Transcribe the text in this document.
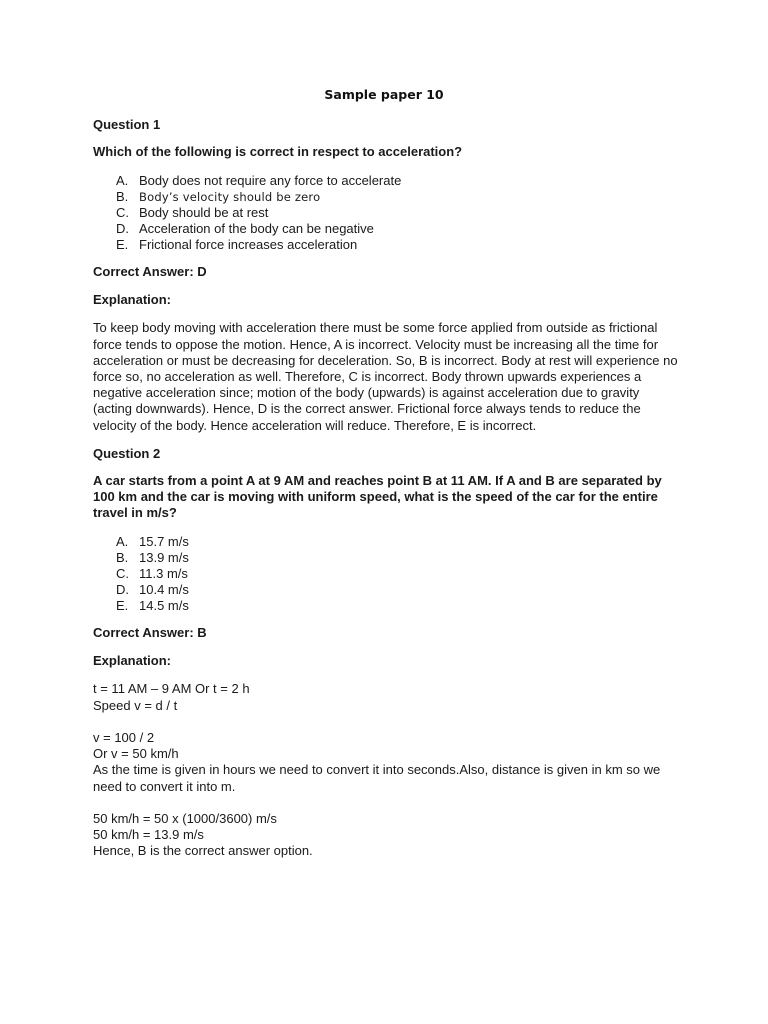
Sample paper 10

Question 1

Which of the following is correct in respect to acceleration?

A. Body does not require any force to accelerate
B. Body’s velocity should be zero
C. Body should be at rest
D. Acceleration of the body can be negative
E. Frictional force increases acceleration

Correct Answer: D

Explanation:

To keep body moving with acceleration there must be some force applied from outside as frictional force tends to oppose the motion. Hence, A is incorrect. Velocity must be increasing all the time for acceleration or must be decreasing for deceleration. So, B is incorrect. Body at rest will experience no force so, no acceleration as well. Therefore, C is incorrect. Body thrown upwards experiences a negative acceleration since; motion of the body (upwards) is against acceleration due to gravity (acting downwards). Hence, D is the correct answer. Frictional force always tends to reduce the velocity of the body. Hence acceleration will reduce. Therefore, E is incorrect.

Question 2

A car starts from a point A at 9 AM and reaches point B at 11 AM. If A and B are separated by 100 km and the car is moving with uniform speed, what is the speed of the car for the entire travel in m/s?

A. 15.7 m/s
B. 13.9 m/s
C. 11.3 m/s
D. 10.4 m/s
E. 14.5 m/s

Correct Answer: B

Explanation:

t = 11 AM – 9 AM Or t = 2 h

Speed v = d / t

v = 100 / 2

Or v = 50 km/h

As the time is given in hours we need to convert it into seconds.Also, distance is given in km so we need to convert it into m.

50 km/h = 50 x (1000/3600) m/s

50 km/h = 13.9 m/s

Hence, B is the correct answer option.
